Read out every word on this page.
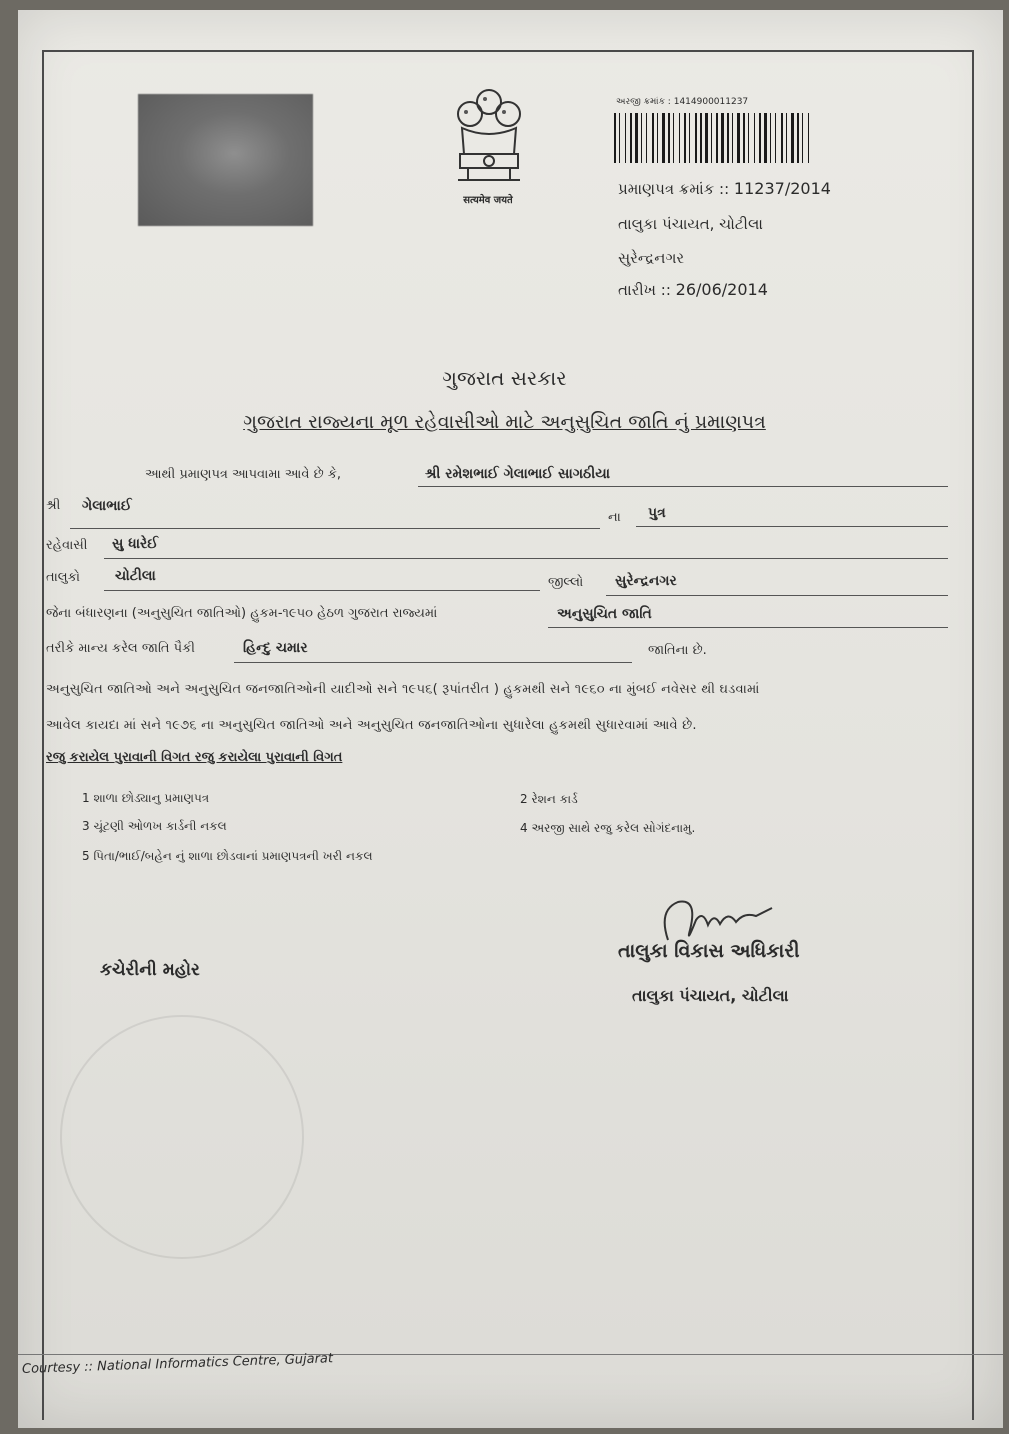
सत्यमेव जयते
અરજી ક્રમાંક : 1414900011237
પ્રમાણપત્ર ક્રમાંક :: 11237/2014
તાલુકા પંચાયત, ચોટીલા
સુરેન્દ્રનગર
તારીખ :: 26/06/2014
ગુજરાત સરકાર
ગુજરાત રાજ્યના મૂળ રહેવાસીઓ માટે અનુસુચિત જાતિ નું પ્રમાણપત્ર
આથી પ્રમાણપત્ર આપવામા આવે છે કે,	શ્રી રમેશભાઈ ગેલાભાઈ સાગઠીયા
શ્રી ગેલાભાઈ
ના પુત્ર
રહેવાસી સુ ધારેઈ
તાલુકો ચોટીલા	જીલ્લો સુરેન્દ્રનગર
જેના બંધારણના (અનુસુચિત જાતિઓ) હુકમ-૧૯૫૦ હેઠળ ગુજરાત રાજ્યમાં	અનુસુચિત જાતિ
તરીકે માન્ય કરેલ જાતિ પૈકી	હિન્દુ ચમાર	જાતિના છે.
અનુસુચિત જાતિઓ અને અનુસુચિત જનજાતિઓની યાદીઓ સને ૧૯૫૬( રૂપાંતરીત ) હુકમથી સને ૧૯૬૦ ના મુંબઈ નવેસર થી ઘડવામાં
આવેલ કાયદા માં સને ૧૯૭૬ ના અનુસુચિત જાતિઓ અને અનુસુચિત જનજાતિઓના સુધારેલા હુકમથી સુધારવામાં આવે છે.
રજુ કરાયેલ પુરાવાની વિગત રજુ કરાયેલા પુરાવાની વિગત
1 શાળા છોડ્યાનુ પ્રમાણપત્ર	2 રેશન કાર્ડ
3 ચૂંટણી ઓળખ કાર્ડની નકલ	4 અરજી સાથે રજુ કરેલ સોગંદનામુ.
5 પિતા/ભાઈ/બહેન નું શાળા છોડવાનાં પ્રમાણપત્રની ખરી નકલ
તાલુકા વિકાસ અધિકારી
તાલુકા પંચાયત, ચોટીલા
કચેરીની મહોર
Courtesy :: National Informatics Centre, Gujarat
